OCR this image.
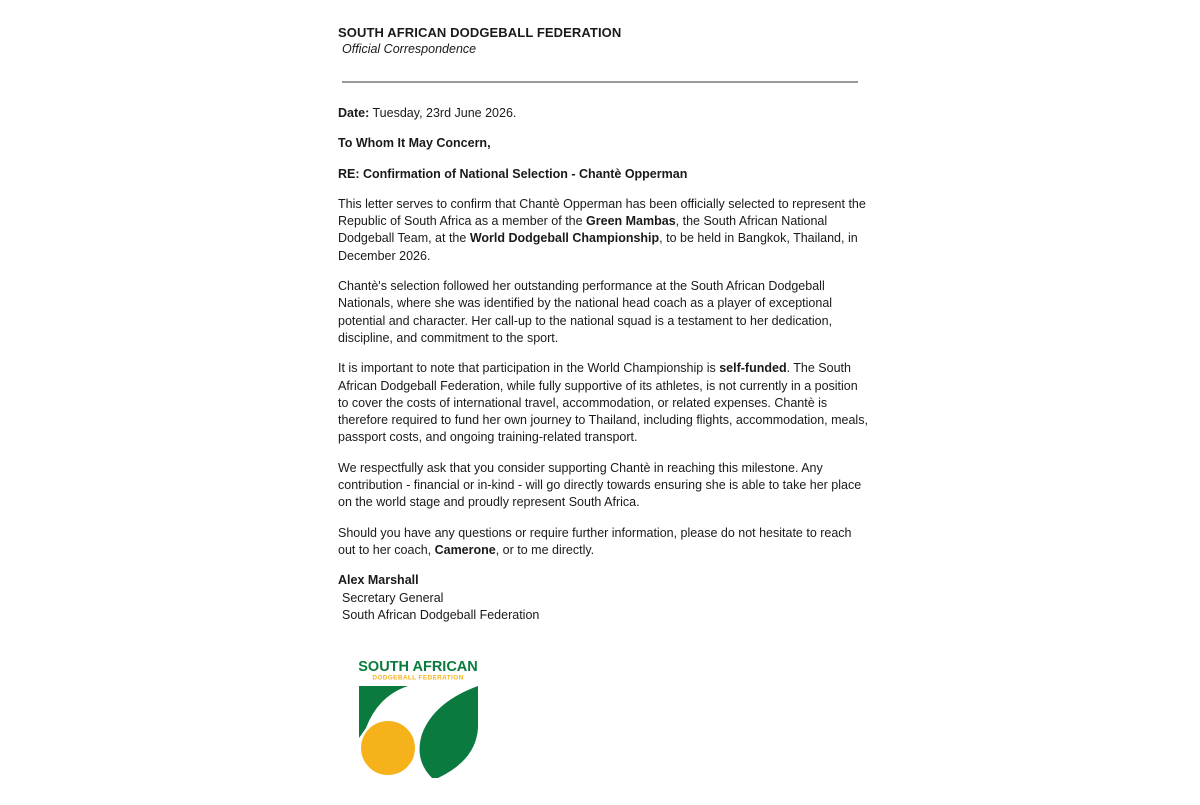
SOUTH AFRICAN DODGEBALL FEDERATION

Official Correspondence

Date: Tuesday, 23rd June 2026.

To Whom It May Concern,

RE: Confirmation of National Selection - Chantè Opperman

This letter serves to confirm that Chantè Opperman has been officially selected to represent the Republic of South Africa as a member of the Green Mambas, the South African National Dodgeball Team, at the World Dodgeball Championship, to be held in Bangkok, Thailand, in December 2026.

Chantè's selection followed her outstanding performance at the South African Dodgeball Nationals, where she was identified by the national head coach as a player of exceptional potential and character. Her call-up to the national squad is a testament to her dedication, discipline, and commitment to the sport.

It is important to note that participation in the World Championship is self-funded. The South African Dodgeball Federation, while fully supportive of its athletes, is not currently in a position to cover the costs of international travel, accommodation, or related expenses. Chantè is therefore required to fund her own journey to Thailand, including flights, accommodation, meals, passport costs, and ongoing training-related transport.

We respectfully ask that you consider supporting Chantè in reaching this milestone. Any contribution - financial or in-kind - will go directly towards ensuring she is able to take her place on the world stage and proudly represent South Africa.

Should you have any questions or require further information, please do not hesitate to reach out to her coach, Camerone, or to me directly.

Alex Marshall

Secretary General

South African Dodgeball Federation

SOUTH AFRICAN
DODGEBALL FEDERATION
